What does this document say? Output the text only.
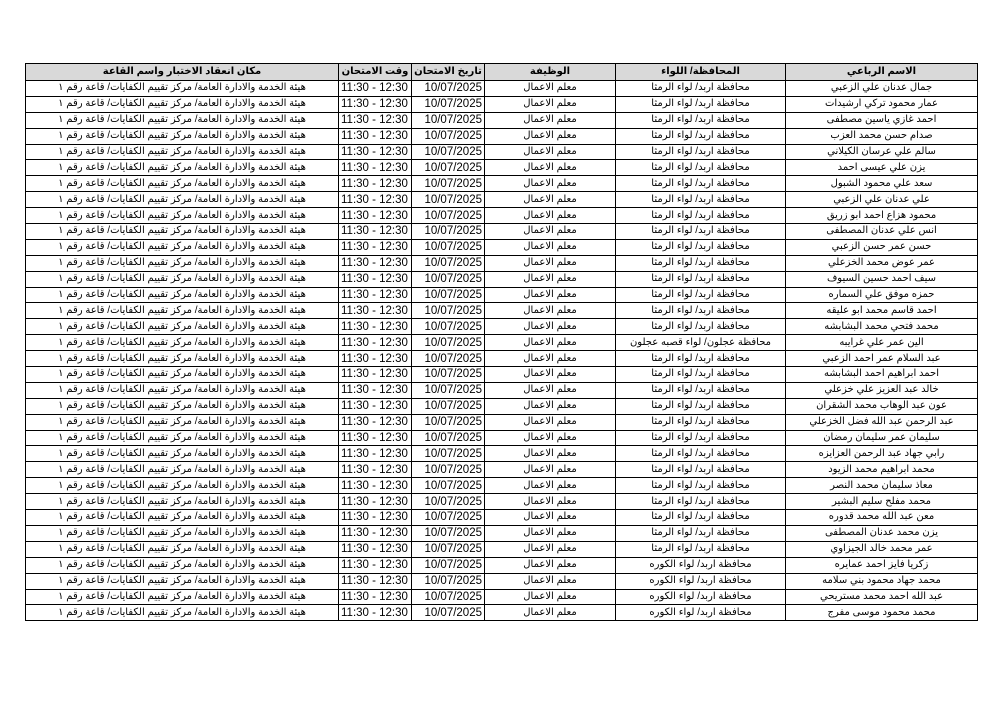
الاسم الرباعي	المحافظة/ اللواء	الوظيفة	تاريخ الامتحان	وقت الامتحان	مكان انعقاد الاختبار واسم القاعة
جمال عدنان علي الزعبي	محافظة اربد/ لواء الرمثا	معلم الاعمال	10/07/2025	11:30 - 12:30	هيئة الخدمة والادارة العامة/ مركز تقييم الكفايات/ قاعة رقم ١
عمار محمود تركي ارشيدات	محافظة اربد/ لواء الرمثا	معلم الاعمال	10/07/2025	11:30 - 12:30	هيئة الخدمة والادارة العامة/ مركز تقييم الكفايات/ قاعة رقم ١
احمد غازي ياسين مصطفى	محافظة اربد/ لواء الرمثا	معلم الاعمال	10/07/2025	11:30 - 12:30	هيئة الخدمة والادارة العامة/ مركز تقييم الكفايات/ قاعة رقم ١
صدام حسن محمد العزب	محافظة اربد/ لواء الرمثا	معلم الاعمال	10/07/2025	11:30 - 12:30	هيئة الخدمة والادارة العامة/ مركز تقييم الكفايات/ قاعة رقم ١
سالم علي عرسان الكيلاني	محافظة اربد/ لواء الرمثا	معلم الاعمال	10/07/2025	11:30 - 12:30	هيئة الخدمة والادارة العامة/ مركز تقييم الكفايات/ قاعة رقم ١
يزن علي عيسى احمد	محافظة اربد/ لواء الرمثا	معلم الاعمال	10/07/2025	11:30 - 12:30	هيئة الخدمة والادارة العامة/ مركز تقييم الكفايات/ قاعة رقم ١
سعد علي محمود الشبول	محافظة اربد/ لواء الرمثا	معلم الاعمال	10/07/2025	11:30 - 12:30	هيئة الخدمة والادارة العامة/ مركز تقييم الكفايات/ قاعة رقم ١
علي عدنان علي الزعبي	محافظة اربد/ لواء الرمثا	معلم الاعمال	10/07/2025	11:30 - 12:30	هيئة الخدمة والادارة العامة/ مركز تقييم الكفايات/ قاعة رقم ١
محمود هزاع احمد ابو زريق	محافظة اربد/ لواء الرمثا	معلم الاعمال	10/07/2025	11:30 - 12:30	هيئة الخدمة والادارة العامة/ مركز تقييم الكفايات/ قاعة رقم ١
انس علي عدنان المصطفى	محافظة اربد/ لواء الرمثا	معلم الاعمال	10/07/2025	11:30 - 12:30	هيئة الخدمة والادارة العامة/ مركز تقييم الكفايات/ قاعة رقم ١
حسن عمر حسن الزعبي	محافظة اربد/ لواء الرمثا	معلم الاعمال	10/07/2025	11:30 - 12:30	هيئة الخدمة والادارة العامة/ مركز تقييم الكفايات/ قاعة رقم ١
عمر عوض محمد الخزعلي	محافظة اربد/ لواء الرمثا	معلم الاعمال	10/07/2025	11:30 - 12:30	هيئة الخدمة والادارة العامة/ مركز تقييم الكفايات/ قاعة رقم ١
سيف احمد حسين السيوف	محافظة اربد/ لواء الرمثا	معلم الاعمال	10/07/2025	11:30 - 12:30	هيئة الخدمة والادارة العامة/ مركز تقييم الكفايات/ قاعة رقم ١
حمزه موفق علي السماره	محافظة اربد/ لواء الرمثا	معلم الاعمال	10/07/2025	11:30 - 12:30	هيئة الخدمة والادارة العامة/ مركز تقييم الكفايات/ قاعة رقم ١
احمد قاسم محمد ابو عليقه	محافظة اربد/ لواء الرمثا	معلم الاعمال	10/07/2025	11:30 - 12:30	هيئة الخدمة والادارة العامة/ مركز تقييم الكفايات/ قاعة رقم ١
محمد فتحي محمد البشابشه	محافظة اربد/ لواء الرمثا	معلم الاعمال	10/07/2025	11:30 - 12:30	هيئة الخدمة والادارة العامة/ مركز تقييم الكفايات/ قاعة رقم ١
الين عمر علي غرايبه	محافظة عجلون/ لواء قصبه عجلون	معلم الاعمال	10/07/2025	11:30 - 12:30	هيئة الخدمة والادارة العامة/ مركز تقييم الكفايات/ قاعة رقم ١
عبد السلام عمر احمد الزعبي	محافظة اربد/ لواء الرمثا	معلم الاعمال	10/07/2025	11:30 - 12:30	هيئة الخدمة والادارة العامة/ مركز تقييم الكفايات/ قاعة رقم ١
احمد ابراهيم احمد البشابشه	محافظة اربد/ لواء الرمثا	معلم الاعمال	10/07/2025	11:30 - 12:30	هيئة الخدمة والادارة العامة/ مركز تقييم الكفايات/ قاعة رقم ١
خالد عبد العزيز علي خزعلي	محافظة اربد/ لواء الرمثا	معلم الاعمال	10/07/2025	11:30 - 12:30	هيئة الخدمة والادارة العامة/ مركز تقييم الكفايات/ قاعة رقم ١
عون عبد الوهاب محمد الشقران	محافظة اربد/ لواء الرمثا	معلم الاعمال	10/07/2025	11:30 - 12:30	هيئة الخدمة والادارة العامة/ مركز تقييم الكفايات/ قاعة رقم ١
عبد الرحمن عبد الله فضل الخزعلي	محافظة اربد/ لواء الرمثا	معلم الاعمال	10/07/2025	11:30 - 12:30	هيئة الخدمة والادارة العامة/ مركز تقييم الكفايات/ قاعة رقم ١
سليمان عمر سليمان رمضان	محافظة اربد/ لواء الرمثا	معلم الاعمال	10/07/2025	11:30 - 12:30	هيئة الخدمة والادارة العامة/ مركز تقييم الكفايات/ قاعة رقم ١
رابي جهاد عبد الرحمن العزايزه	محافظة اربد/ لواء الرمثا	معلم الاعمال	10/07/2025	11:30 - 12:30	هيئة الخدمة والادارة العامة/ مركز تقييم الكفايات/ قاعة رقم ١
محمد ابراهيم محمد الزيود	محافظة اربد/ لواء الرمثا	معلم الاعمال	10/07/2025	11:30 - 12:30	هيئة الخدمة والادارة العامة/ مركز تقييم الكفايات/ قاعة رقم ١
معاذ سليمان محمد النصر	محافظة اربد/ لواء الرمثا	معلم الاعمال	10/07/2025	11:30 - 12:30	هيئة الخدمة والادارة العامة/ مركز تقييم الكفايات/ قاعة رقم ١
محمد مفلح سليم البشير	محافظة اربد/ لواء الرمثا	معلم الاعمال	10/07/2025	11:30 - 12:30	هيئة الخدمة والادارة العامة/ مركز تقييم الكفايات/ قاعة رقم ١
معن عبد الله محمد قدوره	محافظة اربد/ لواء الرمثا	معلم الاعمال	10/07/2025	11:30 - 12:30	هيئة الخدمة والادارة العامة/ مركز تقييم الكفايات/ قاعة رقم ١
يزن محمد عدنان المصطفى	محافظة اربد/ لواء الرمثا	معلم الاعمال	10/07/2025	11:30 - 12:30	هيئة الخدمة والادارة العامة/ مركز تقييم الكفايات/ قاعة رقم ١
عمر محمد خالد الجيزاوي	محافظة اربد/ لواء الرمثا	معلم الاعمال	10/07/2025	11:30 - 12:30	هيئة الخدمة والادارة العامة/ مركز تقييم الكفايات/ قاعة رقم ١
زكريا فايز احمد عمايره	محافظة اربد/ لواء الكوره	معلم الاعمال	10/07/2025	11:30 - 12:30	هيئة الخدمة والادارة العامة/ مركز تقييم الكفايات/ قاعة رقم ١
محمد جهاد محمود بني سلامه	محافظة اربد/ لواء الكوره	معلم الاعمال	10/07/2025	11:30 - 12:30	هيئة الخدمة والادارة العامة/ مركز تقييم الكفايات/ قاعة رقم ١
عبد الله احمد محمد مستريحي	محافظة اربد/ لواء الكوره	معلم الاعمال	10/07/2025	11:30 - 12:30	هيئة الخدمة والادارة العامة/ مركز تقييم الكفايات/ قاعة رقم ١
محمد محمود موسى مفرج	محافظة اربد/ لواء الكوره	معلم الاعمال	10/07/2025	11:30 - 12:30	هيئة الخدمة والادارة العامة/ مركز تقييم الكفايات/ قاعة رقم ١
